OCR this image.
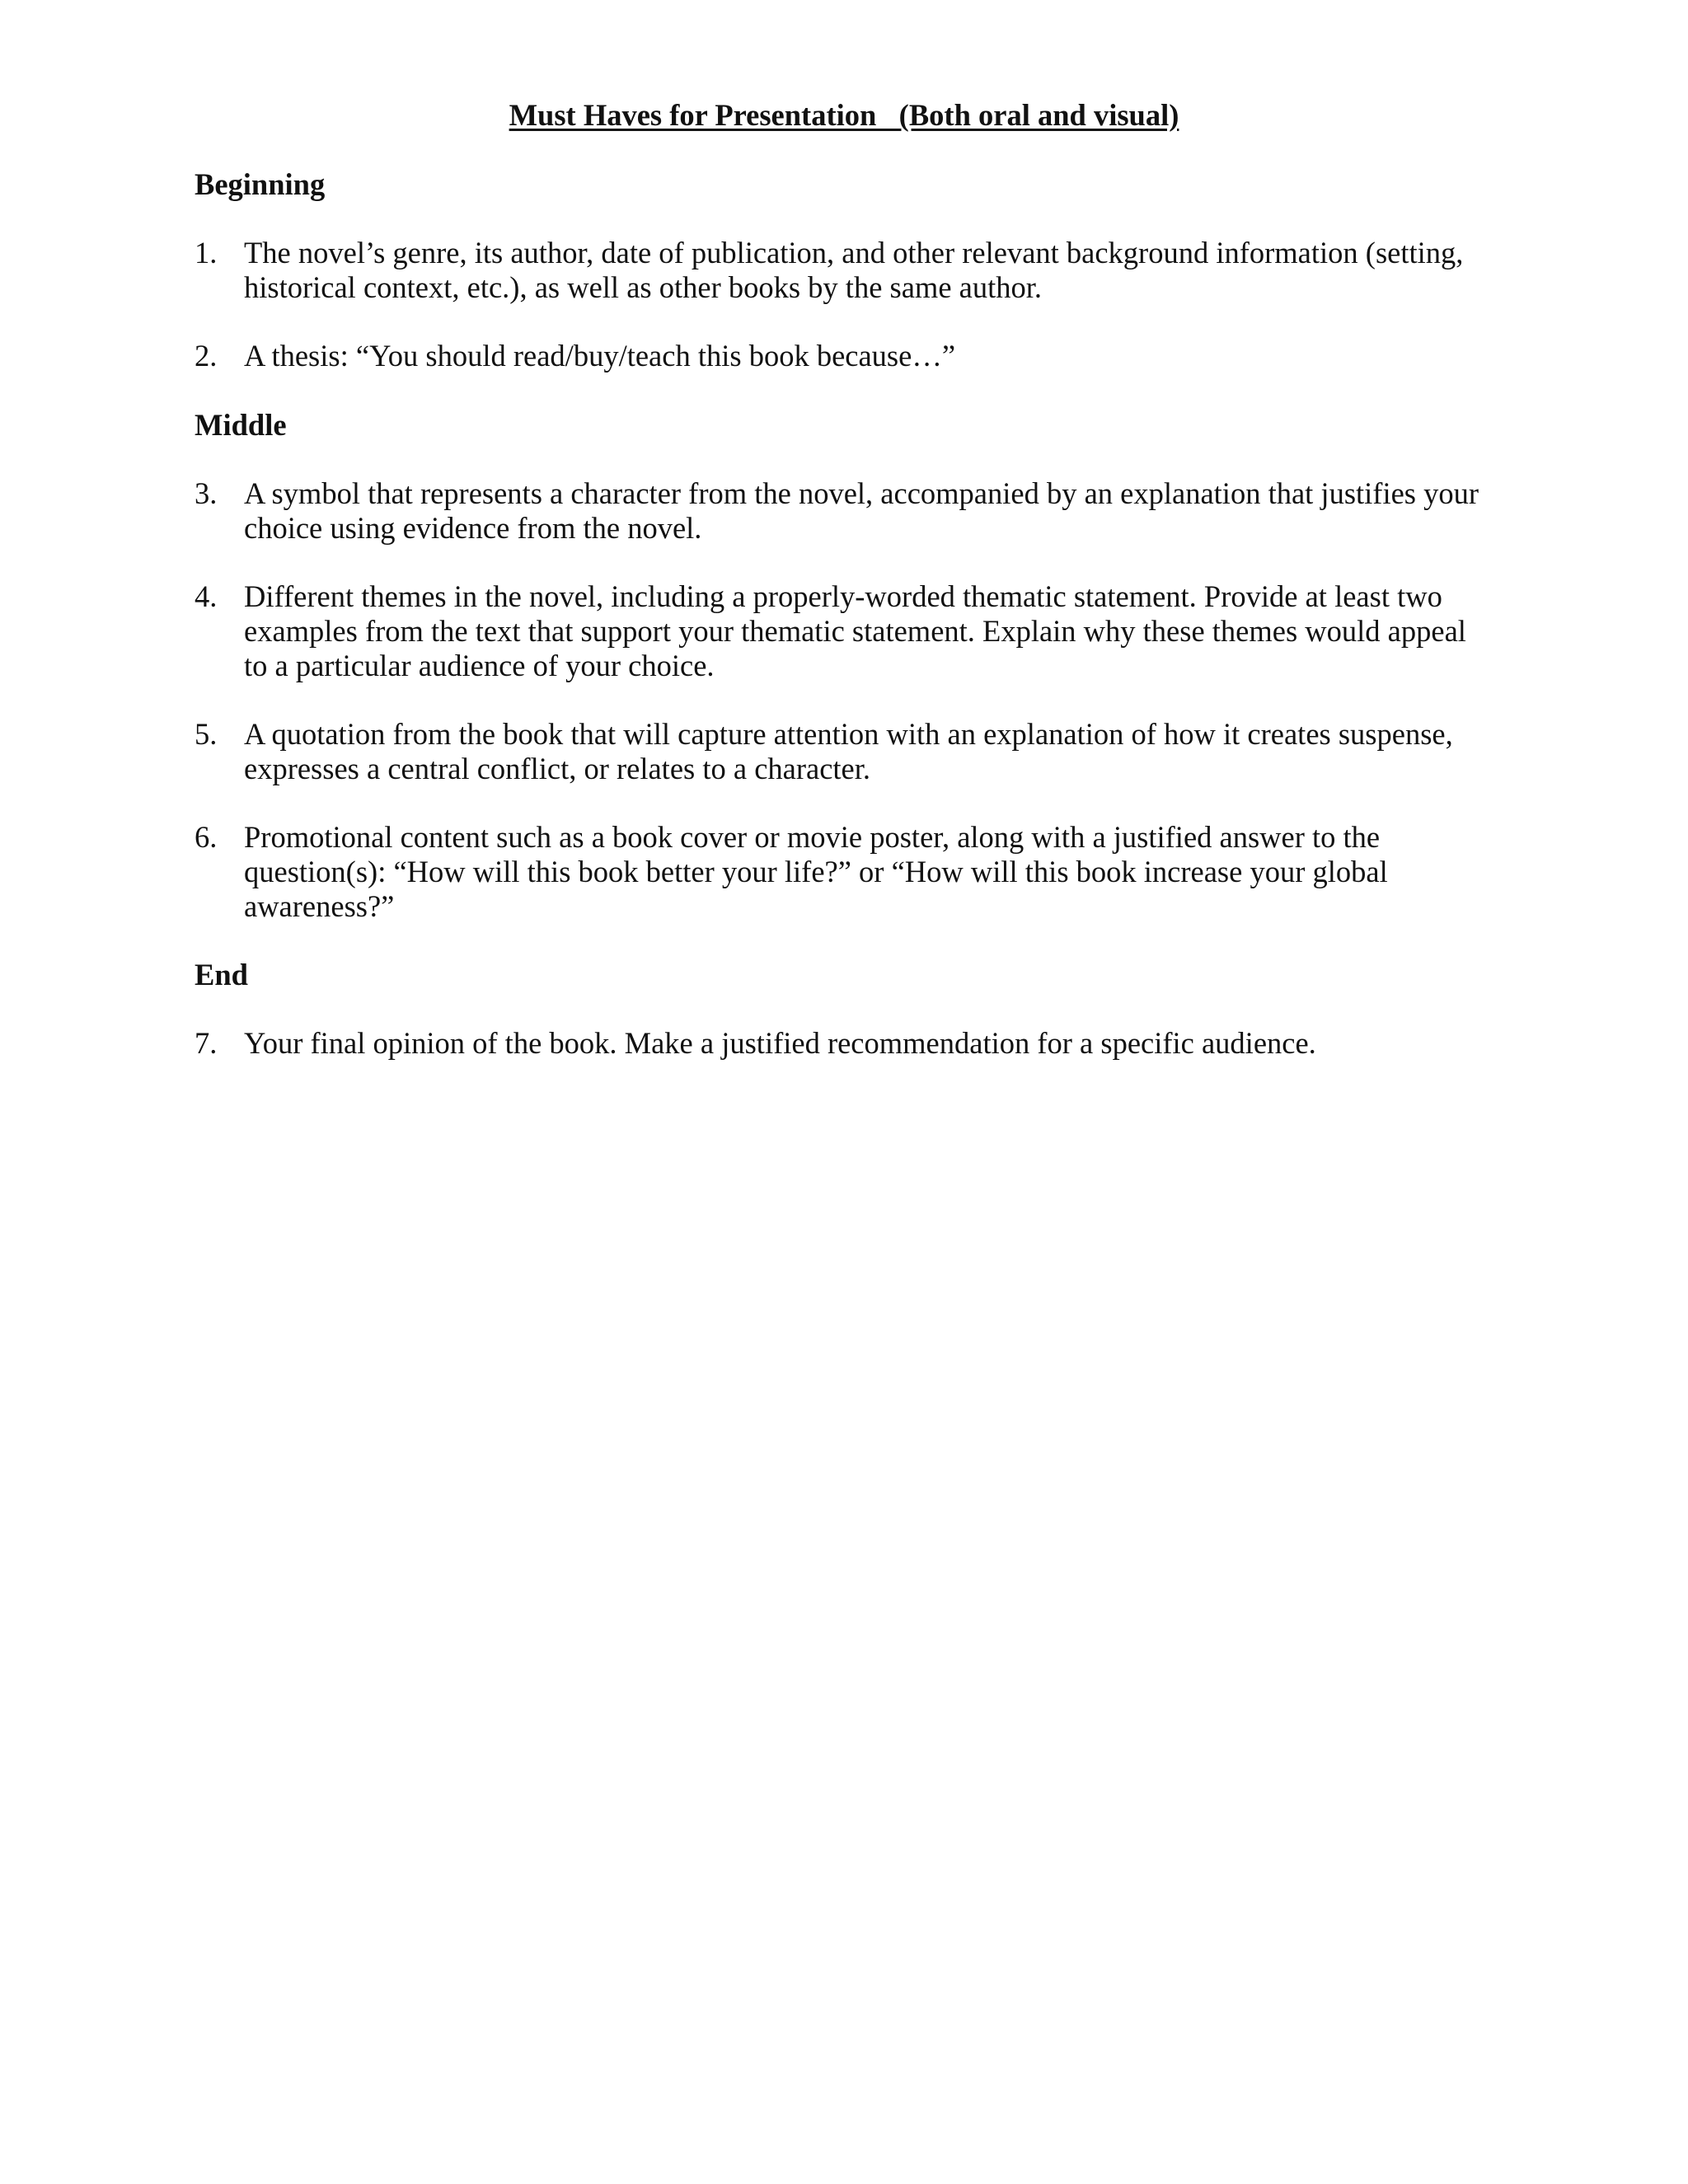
Must Haves for Presentation   (Both oral and visual)
Beginning
1. The novel’s genre, its author, date of publication, and other relevant background information (setting, historical context, etc.), as well as other books by the same author.
2. A thesis: “You should read/buy/teach this book because…”
Middle
3. A symbol that represents a character from the novel, accompanied by an explanation that justifies your choice using evidence from the novel.
4. Different themes in the novel, including a properly-worded thematic statement. Provide at least two examples from the text that support your thematic statement. Explain why these themes would appeal to a particular audience of your choice.
5. A quotation from the book that will capture attention with an explanation of how it creates suspense, expresses a central conflict, or relates to a character.
6. Promotional content such as a book cover or movie poster, along with a justified answer to the question(s): “How will this book better your life?” or “How will this book increase your global awareness?”
End
7. Your final opinion of the book. Make a justified recommendation for a specific audience.
